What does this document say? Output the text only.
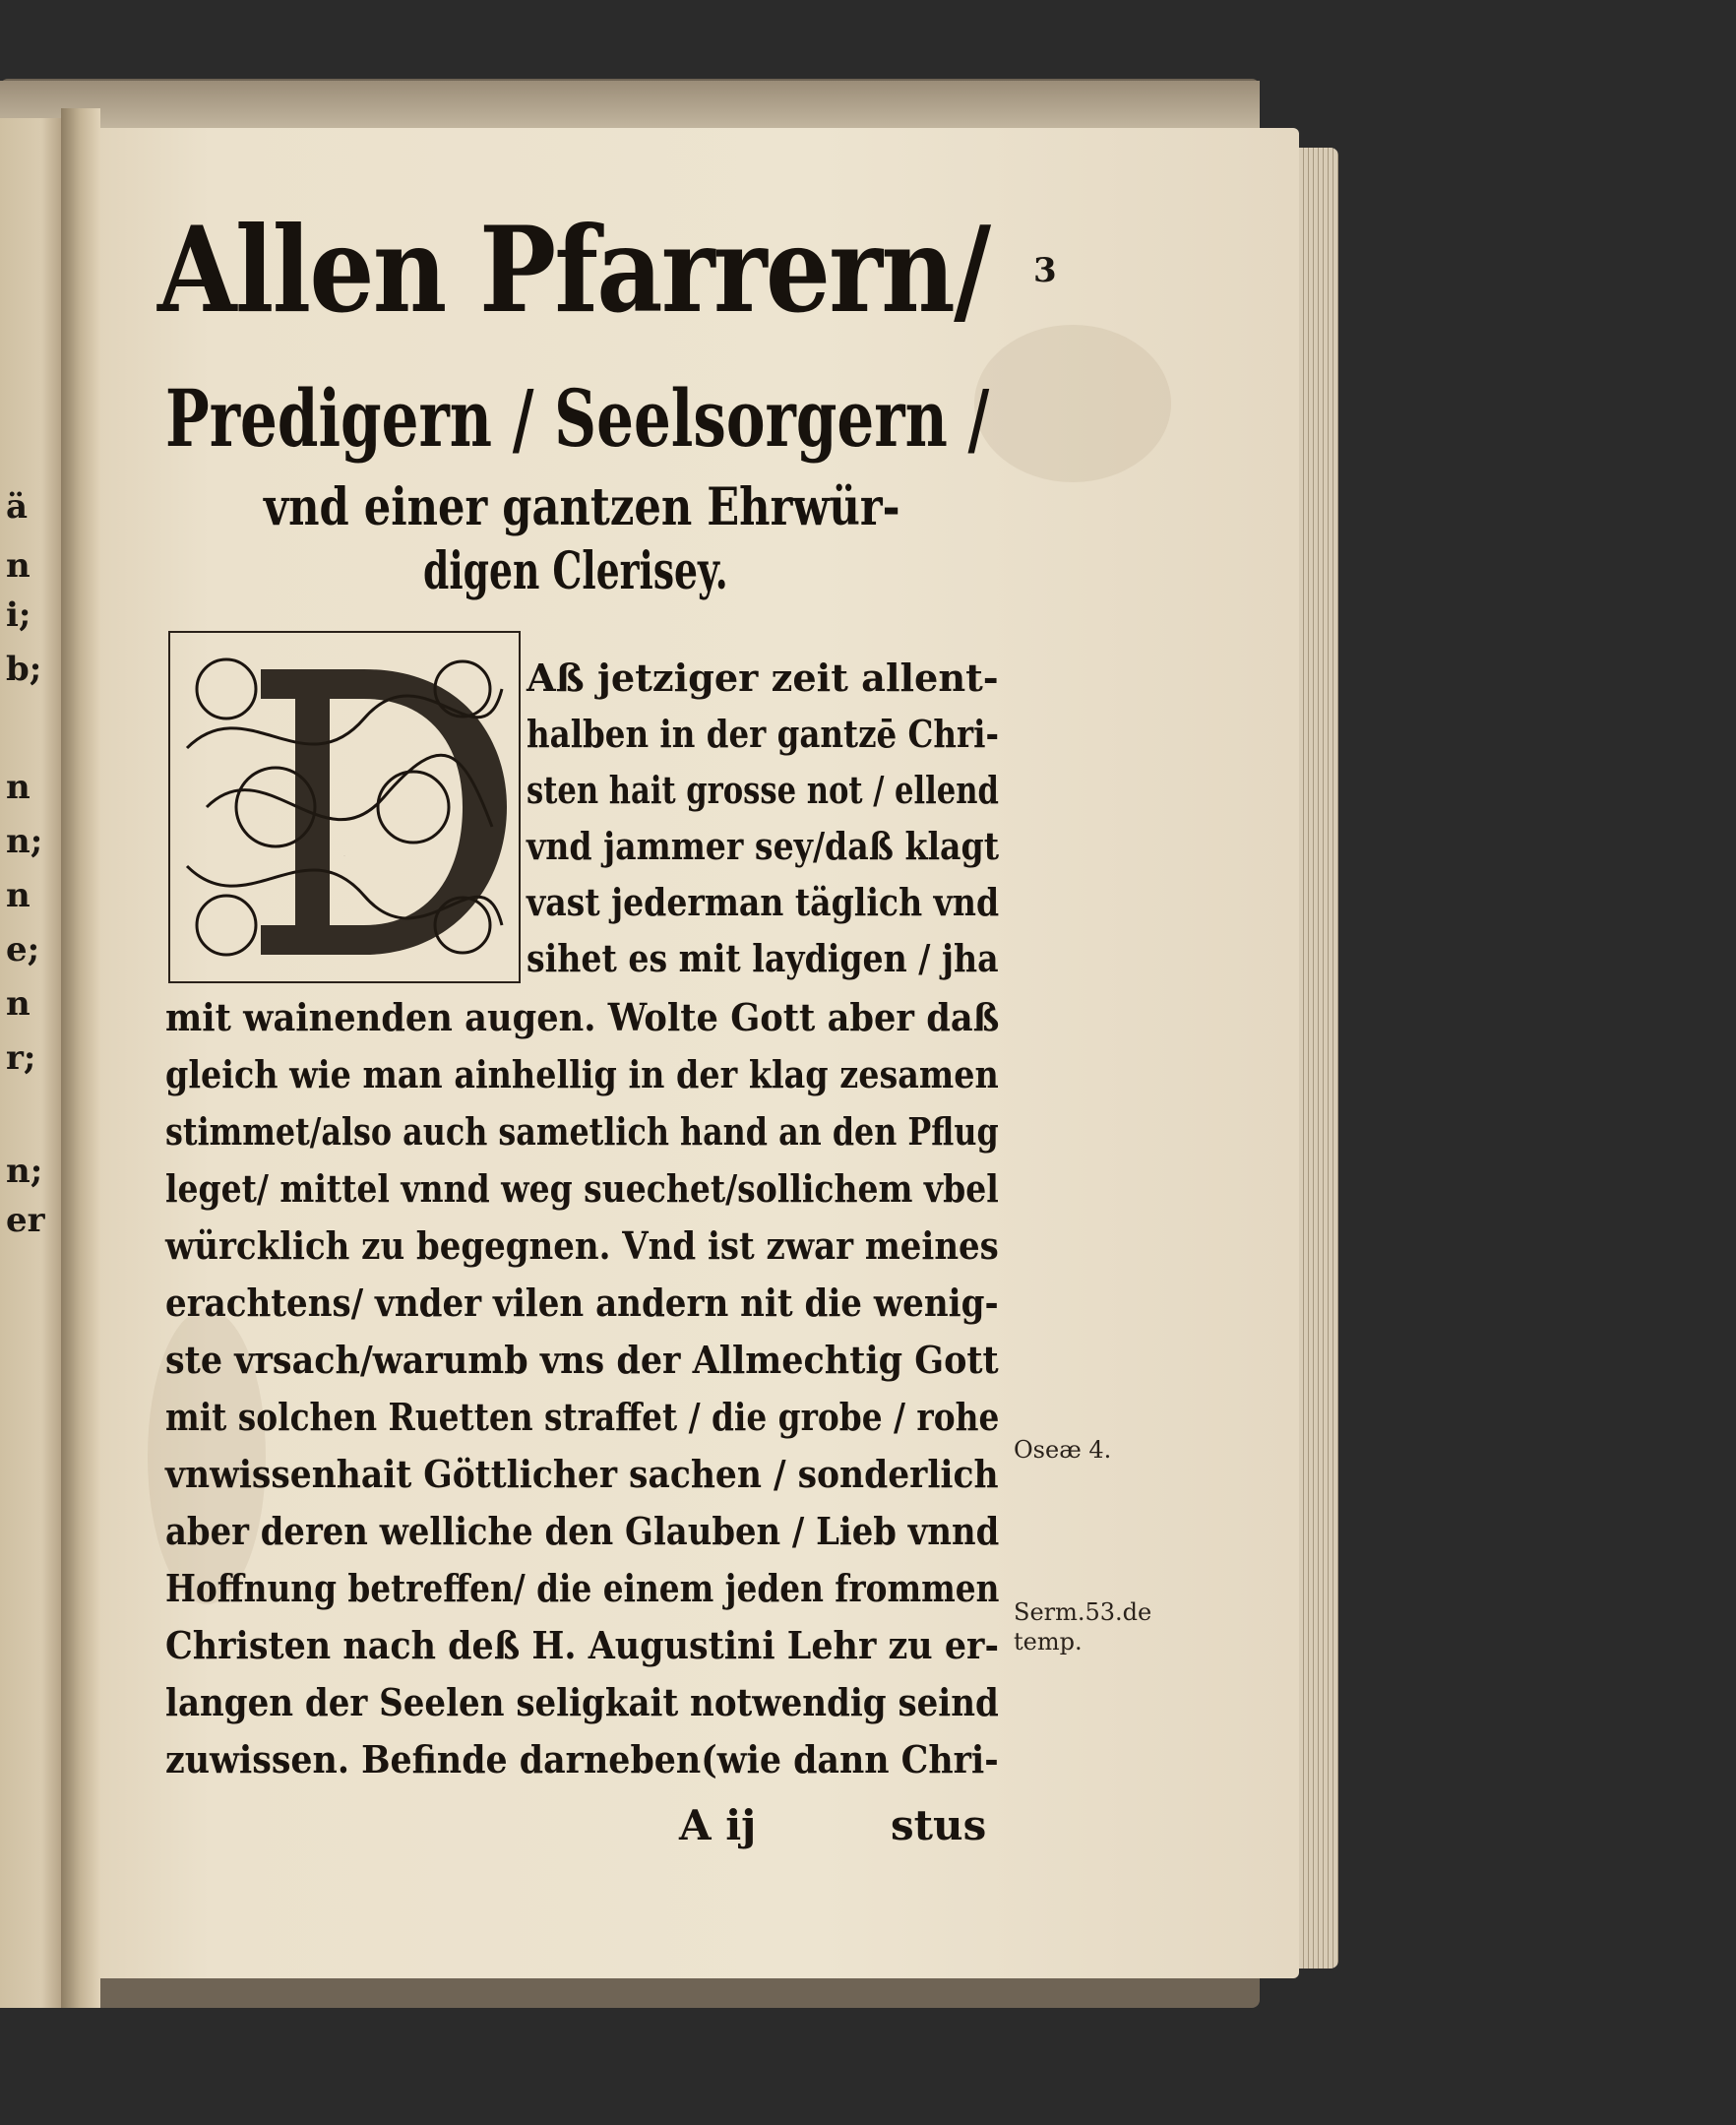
ä
n
i;
b;
n
n;
n
e;
n
r;
n;
er
Allen Pfarrern/ 3
Predigern / Seelsorgern /
vnd einer gantzen Ehrwür-
digen Clerisey.
D
Aß jetziger zeit allent-
halben in der gantzē Chri-
sten hait grosse not / ellend
vnd jammer sey/daß klagt
vast jederman täglich vnd
sihet es mit laydigen / jha
mit wainenden augen. Wolte Gott aber daß
gleich wie man ainhellig in der klag zesamen
stimmet/also auch sametlich hand an den Pflug
leget/ mittel vnnd weg suechet/sollichem vbel
würcklich zu begegnen. Vnd ist zwar meines
erachtens/ vnder vilen andern nit die wenig-
ste vrsach/warumb vns der Allmechtig Gott
mit solchen Ruetten straffet / die grobe / rohe
vnwissenhait Göttlicher sachen / sonderlich
aber deren welliche den Glauben / Lieb vnnd
Hoffnung betreffen/ die einem jeden frommen
Christen nach deß H. Augustini Lehr zu er-
langen der Seelen seligkait notwendig seind
zuwissen. Befinde darneben(wie dann Chri-
A ij	stus
Oseæ 4.
Serm.53.de
temp.
